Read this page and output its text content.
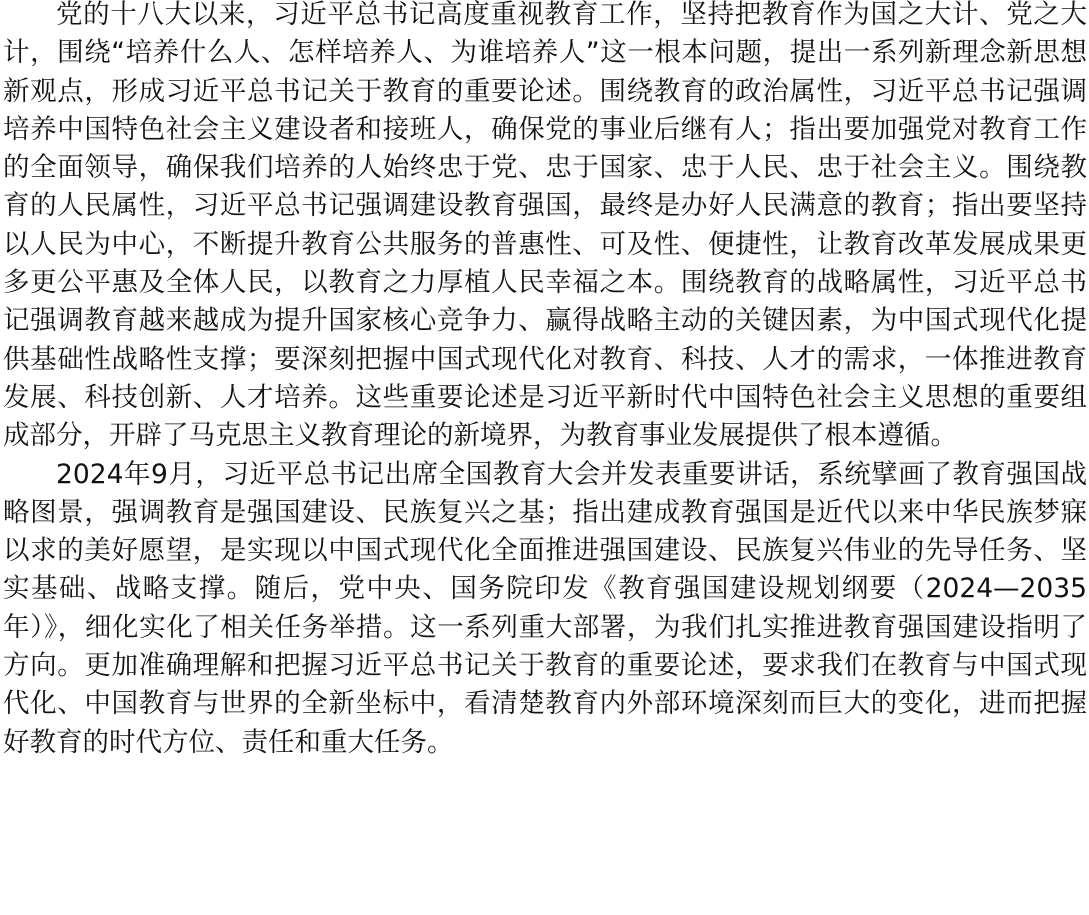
党的十八大以来，习近平总书记高度重视教育工作，坚持把教育作为国之大计、党之大计，围绕“培养什么人、怎样培养人、为谁培养人”这一根本问题，提出一系列新理念新思想新观点，形成习近平总书记关于教育的重要论述。围绕教育的政治属性，习近平总书记强调培养中国特色社会主义建设者和接班人，确保党的事业后继有人；指出要加强党对教育工作的全面领导，确保我们培养的人始终忠于党、忠于国家、忠于人民、忠于社会主义。围绕教育的人民属性，习近平总书记强调建设教育强国，最终是办好人民满意的教育；指出要坚持以人民为中心，不断提升教育公共服务的普惠性、可及性、便捷性，让教育改革发展成果更多更公平惠及全体人民，以教育之力厚植人民幸福之本。围绕教育的战略属性，习近平总书记强调教育越来越成为提升国家核心竞争力、赢得战略主动的关键因素，为中国式现代化提供基础性战略性支撑；要深刻把握中国式现代化对教育、科技、人才的需求，一体推进教育发展、科技创新、人才培养。这些重要论述是习近平新时代中国特色社会主义思想的重要组成部分，开辟了马克思主义教育理论的新境界，为教育事业发展提供了根本遵循。

2024年9月，习近平总书记出席全国教育大会并发表重要讲话，系统擘画了教育强国战略图景，强调教育是强国建设、民族复兴之基；指出建成教育强国是近代以来中华民族梦寐以求的美好愿望，是实现以中国式现代化全面推进强国建设、民族复兴伟业的先导任务、坚实基础、战略支撑。随后，党中央、国务院印发《教育强国建设规划纲要（2024—2035年）》，细化实化了相关任务举措。这一系列重大部署，为我们扎实推进教育强国建设指明了方向。更加准确理解和把握习近平总书记关于教育的重要论述，要求我们在教育与中国式现代化、中国教育与世界的全新坐标中，看清楚教育内外部环境深刻而巨大的变化，进而把握好教育的时代方位、责任和重大任务。
